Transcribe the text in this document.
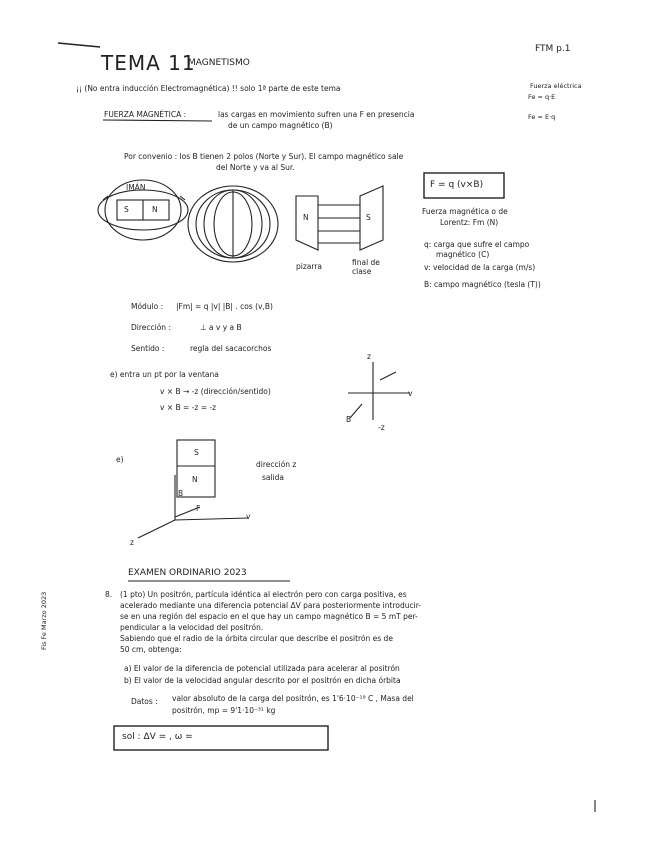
TEMA 11
MAGNETISMO
FTM p.1
¡¡ (No entra inducción Electromagnética) !! solo 1ª parte de este tema	Fuerza eléctrica
Fe = q·E
Fe = E·q
FUERZA MAGNÉTICA :	las cargas en movimiento sufren una F en presencia
de un campo magnético (B)
Por convenio : los B tienen 2 polos (Norte y Sur). El campo magnético sale
del Norte y va al Sur.
IMÁN
S	N
F = q (v×B)
N	S
pizarra	final de clase
Fuerza magnética o de
Lorentz: Fm (N)
q: carga que sufre el campo
magnético (C)
v: velocidad de la carga (m/s)
B: campo magnético (tesla (T))
Módulo : |Fm| = q |v| |B| . cos (v,B)
Dirección :	⊥ a v y a B
Sentido :	regla del sacacorchos
e) entra un pt por la ventana
v × B → -z (dirección/sentido)
v × B = -z = -z
z
v
B
-z
e)
S
N
B
F
v
z
dirección z
salida
EXAMEN ORDINARIO 2023
8. (1 pto) Un positrón, partícula idéntica al electrón pero con carga positiva, es
acelerado mediante una diferencia potencial ΔV para posteriormente introducir-
se en una región del espacio en el que hay un campo magnético B = 5 mT per-
pendicular a la velocidad del positrón.
Sabiendo que el radio de la órbita circular que describe el positrón es de
50 cm, obtenga:
a) El valor de la diferencia de potencial utilizada para acelerar al positrón
b) El valor de la velocidad angular descrito por el positrón en dicha órbita
Datos : valor absoluto de la carga del positrón, es 1'6·10⁻¹⁹ C , Masa del
positrón, mp = 9'1·10⁻³¹ kg
sol : ΔV = , ω =
Fis Fe Marzo 2023
